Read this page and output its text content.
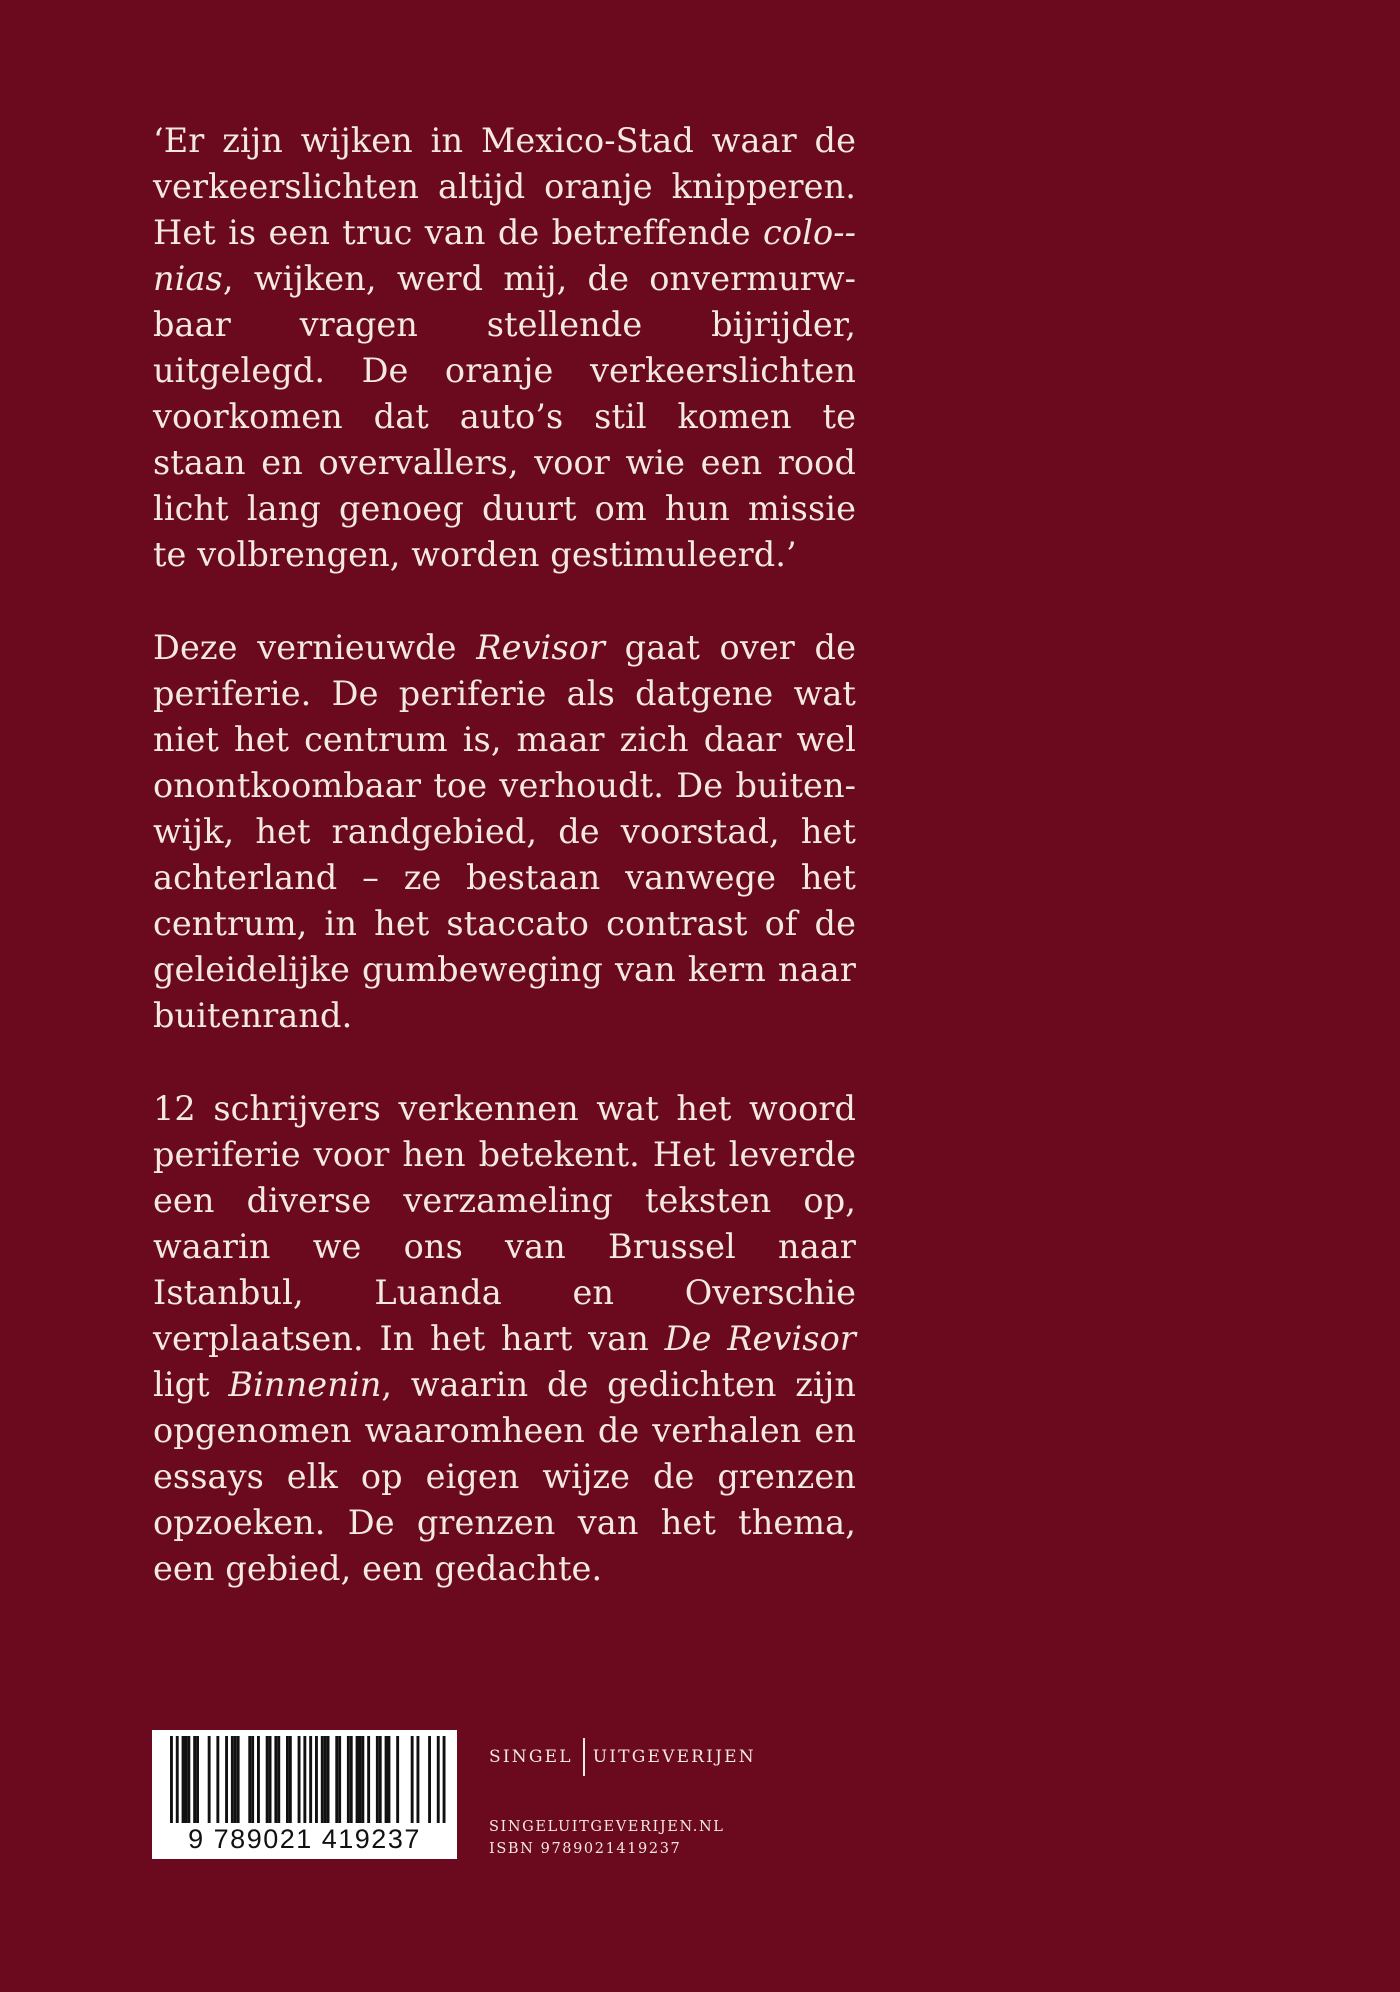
‘Er zijn wijken in Mexico-Stad waar de verkeerslichten altijd oranje knipperen. Het is een truc van de betreffende colo-nias, wijken, werd mij, de onvermurwbaar vragen stellende bijrijder, uitgelegd. De oranje verkeerslichten voorkomen dat auto’s stil komen te staan en overvallers, voor wie een rood licht lang genoeg duurt om hun missie te volbrengen, worden gestimuleerd.’

Deze vernieuwde Revisor gaat over de periferie. De periferie als datgene wat niet het centrum is, maar zich daar wel onontkoombaar toe verhoudt. De buitenwijk, het randgebied, de voorstad, het achterland – ze bestaan vanwege het centrum, in het staccato contrast of de geleidelijke gumbeweging van kern naar buitenrand.

12 schrijvers verkennen wat het woord periferie voor hen betekent. Het leverde een diverse verzameling teksten op, waarin we ons van Brussel naar Istanbul, Luanda en Overschie verplaatsen. In het hart van De Revisor ligt Binnenin, waarin de gedichten zijn opgenomen waaromheen de verhalen en essays elk op eigen wijze de grenzen opzoeken. De grenzen van het thema, een gebied, een gedachte.

9 789021 419237
SINGEL UITGEVERIJEN
SINGELUITGEVERIJEN.NL
ISBN 9789021419237
